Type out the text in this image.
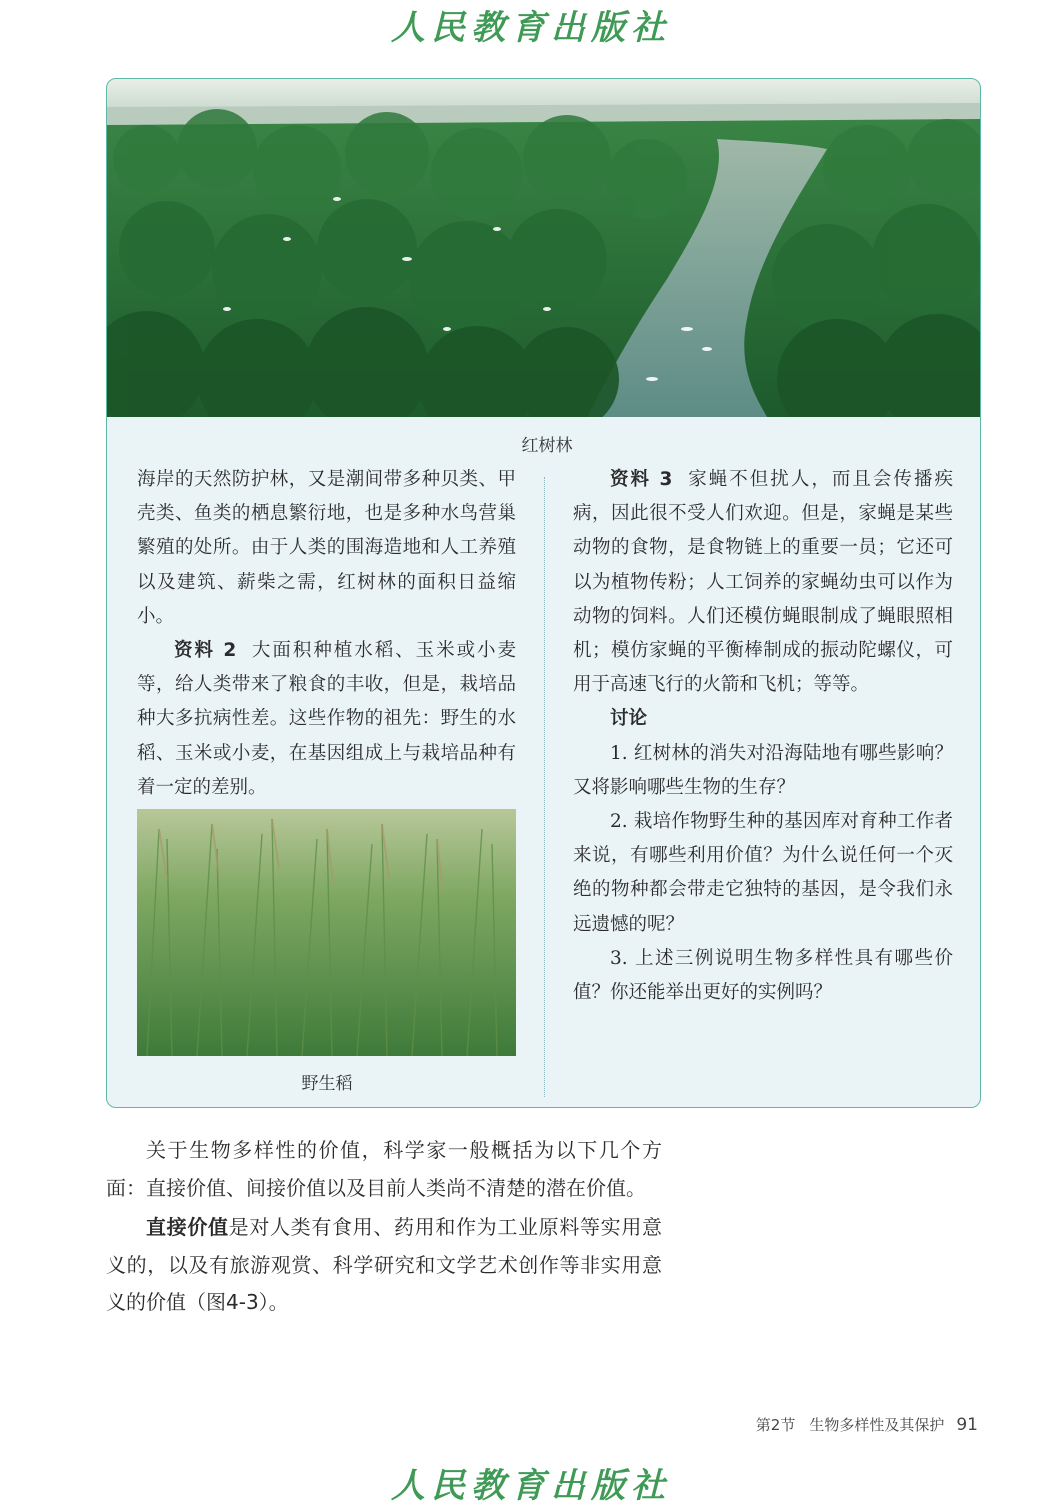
人民教育出版社
红树林

海岸的天然防护林，又是潮间带多种贝类、甲壳类、鱼类的栖息繁衍地，也是多种水鸟营巢繁殖的处所。由于人类的围海造地和人工养殖以及建筑、薪柴之需，红树林的面积日益缩小。

资料 2 大面积种植水稻、玉米或小麦等，给人类带来了粮食的丰收，但是，栽培品种大多抗病性差。这些作物的祖先：野生的水稻、玉米或小麦，在基因组成上与栽培品种有着一定的差别。

野生稻

资料 3 家蝇不但扰人，而且会传播疾病，因此很不受人们欢迎。但是，家蝇是某些动物的食物，是食物链上的重要一员；它还可以为植物传粉；人工饲养的家蝇幼虫可以作为动物的饲料。人们还模仿蝇眼制成了蝇眼照相机；模仿家蝇的平衡棒制成的振动陀螺仪，可用于高速飞行的火箭和飞机；等等。

讨论

1. 红树林的消失对沿海陆地有哪些影响？又将影响哪些生物的生存？

2. 栽培作物野生种的基因库对育种工作者来说，有哪些利用价值？为什么说任何一个灭绝的物种都会带走它独特的基因，是令我们永远遗憾的呢？

3. 上述三例说明生物多样性具有哪些价值？你还能举出更好的实例吗？

关于生物多样性的价值，科学家一般概括为以下几个方面：直接价值、间接价值以及目前人类尚不清楚的潜在价值。

直接价值是对人类有食用、药用和作为工业原料等实用意义的，以及有旅游观赏、科学研究和文学艺术创作等非实用意义的价值（图4-3）。

第2节 生物多样性及其保护 91
人民教育出版社
